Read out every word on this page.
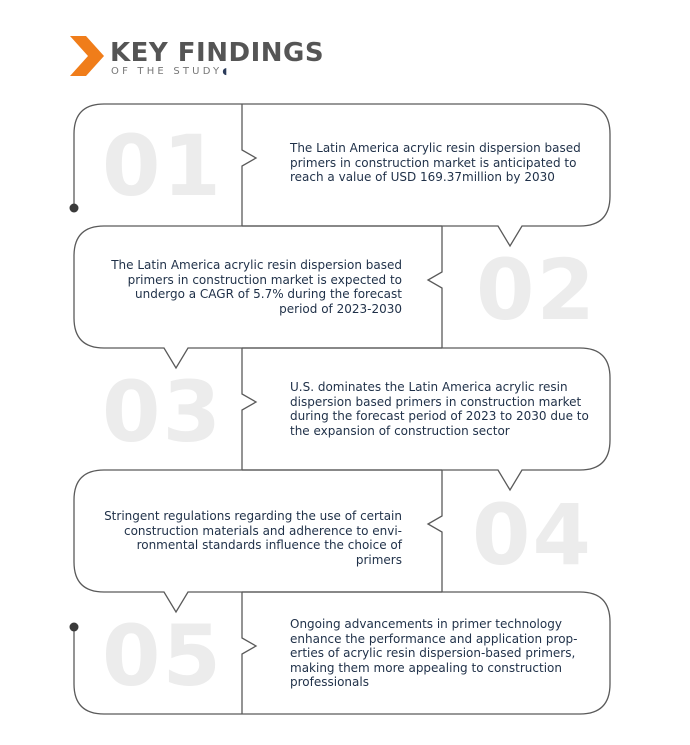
KEY FINDINGS
OF THE STUDY◖
01	The Latin America acrylic resin dispersion based primers in construction market is anticipated to reach a value of USD 169.37million by 2030
02
The Latin America acrylic resin dispersion based primers in construction market is expected to undergo a CAGR of 5.7% during the forecast period of 2023-2030
03	U.S. dominates the Latin America acrylic resin dispersion based primers in construction market during the forecast period of 2023 to 2030 due to the expansion of construction sector
04
Stringent regulations regarding the use of certain construction materials and adherence to envi- ronmental standards influence the choice of primers
05	Ongoing advancements in primer technology enhance the performance and application prop- erties of acrylic resin dispersion-based primers, making them more appealing to construction professionals
